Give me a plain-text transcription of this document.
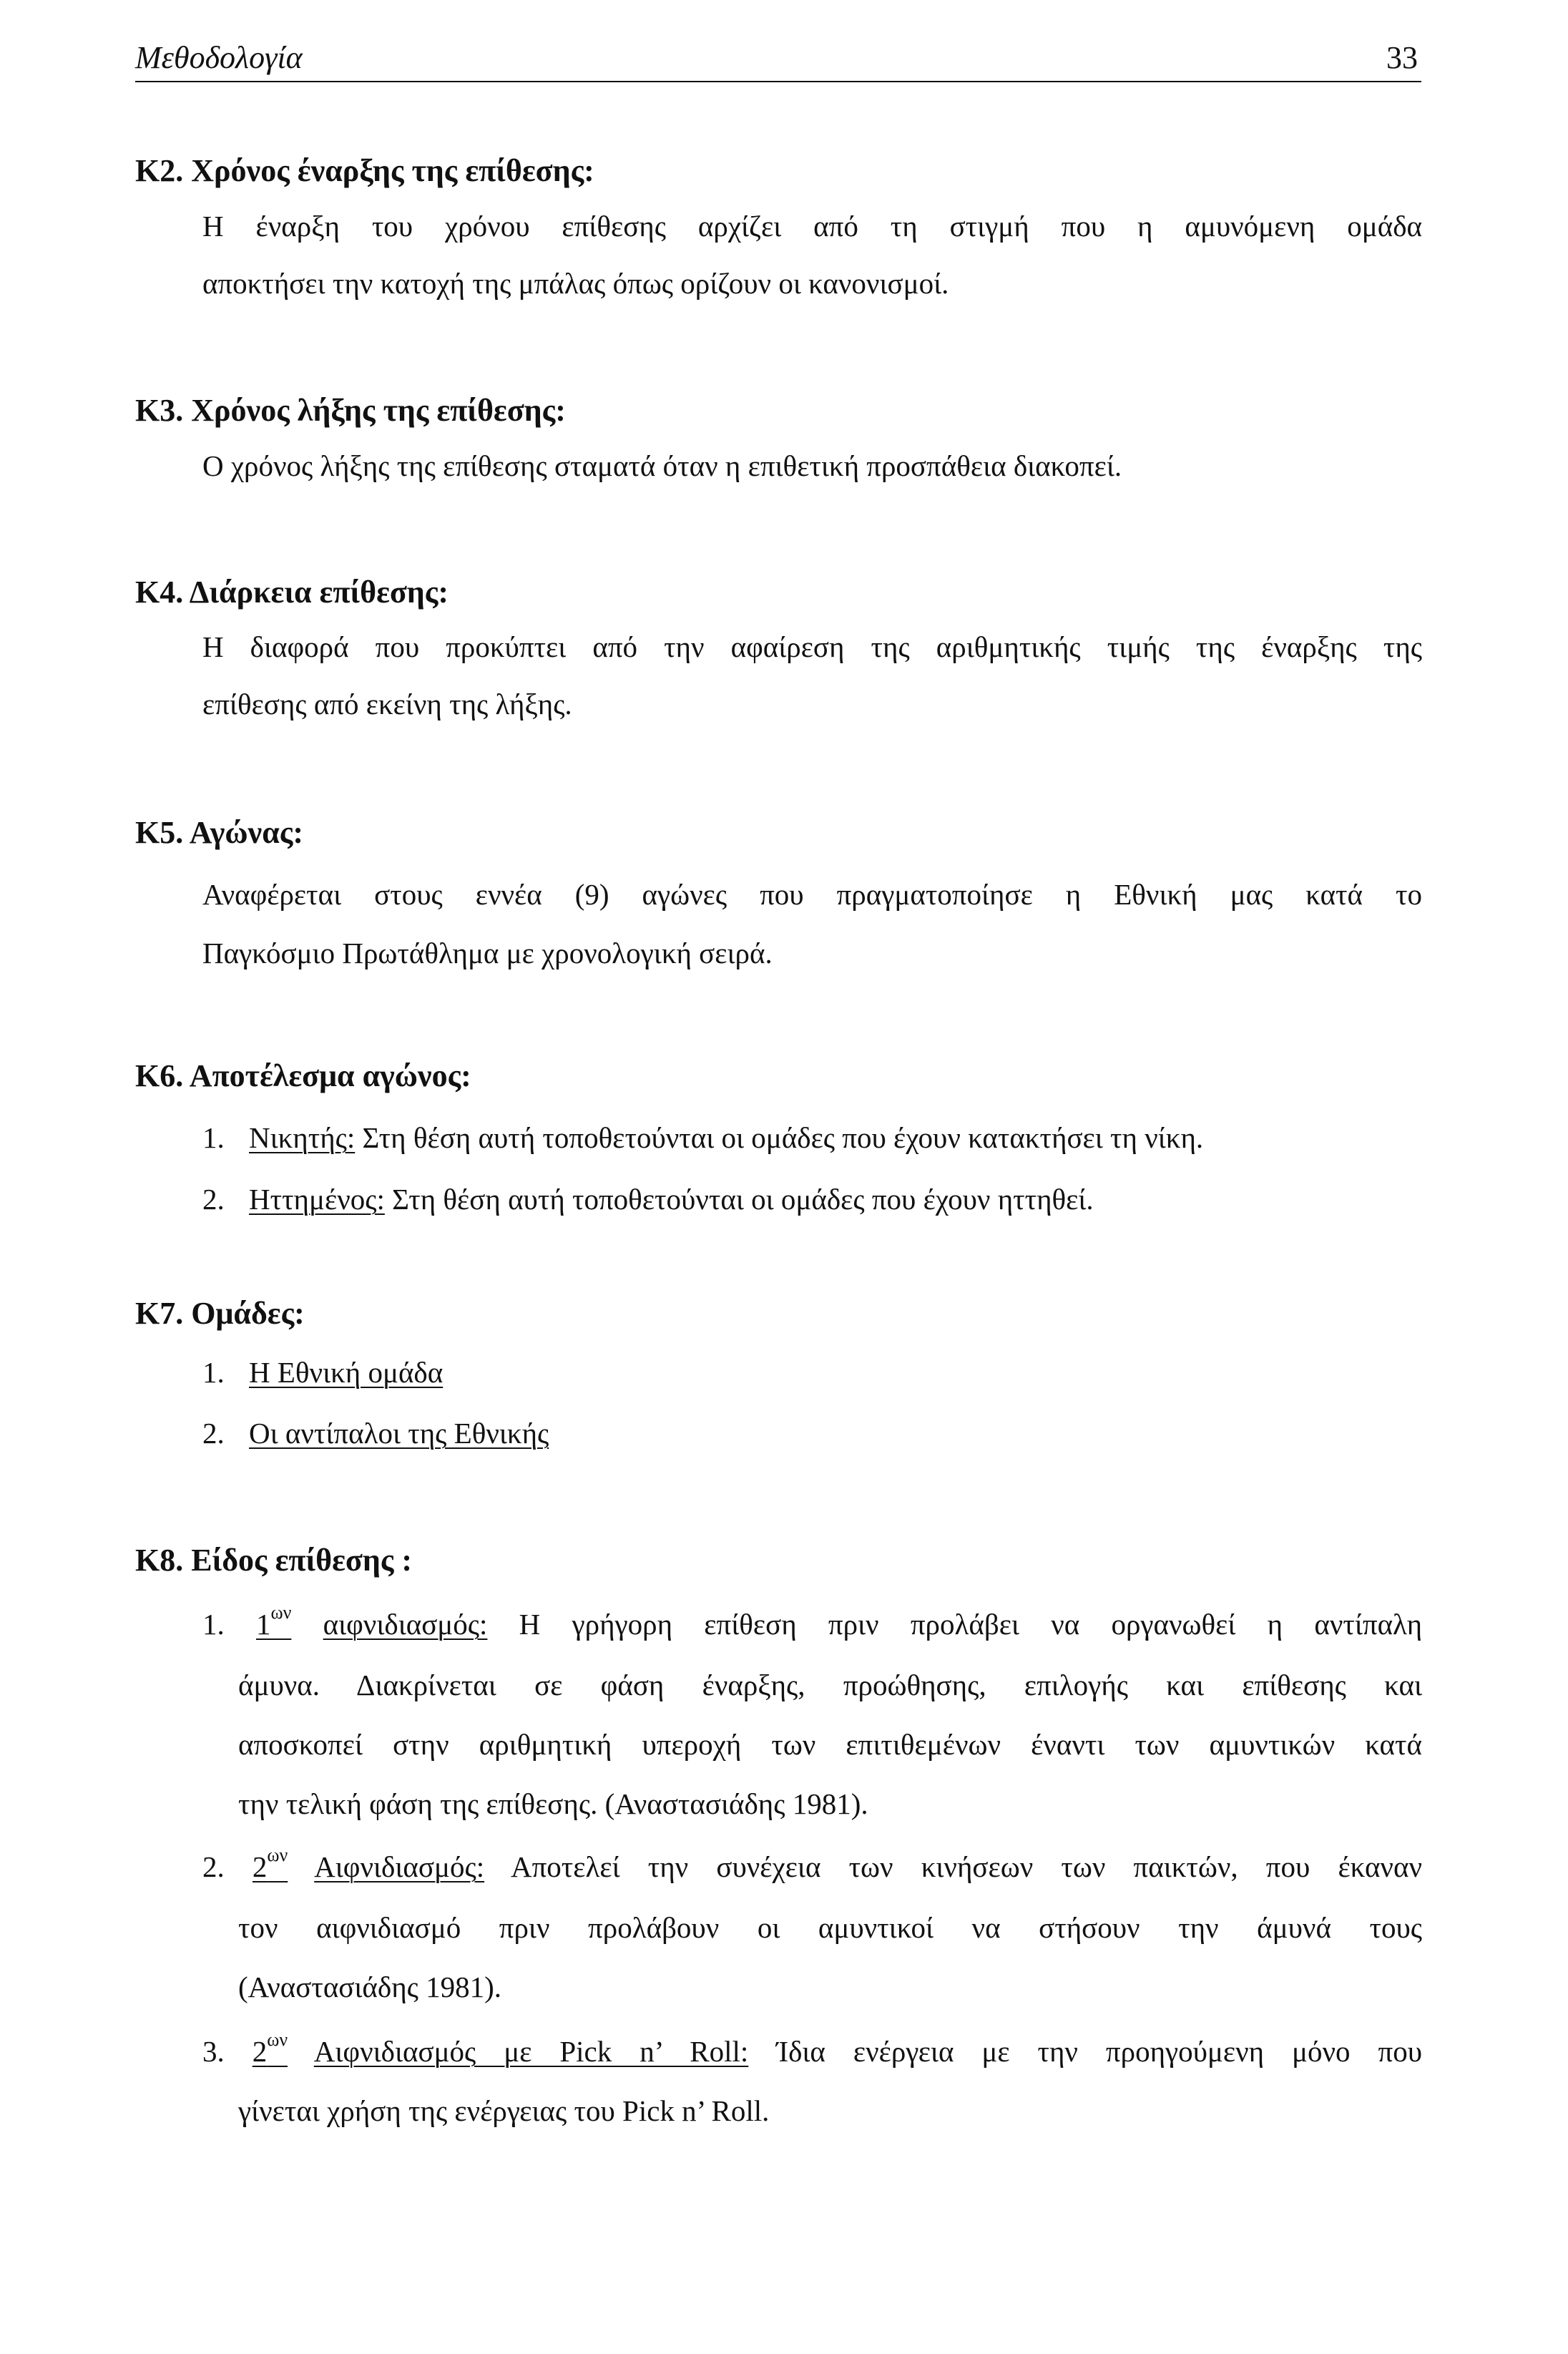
Μεθοδολογία	33
Κ2. Χρόνος έναρξης της επίθεσης:
Η έναρξη του χρόνου επίθεσης αρχίζει από τη στιγμή που η αμυνόμενη ομάδα
αποκτήσει την κατοχή της μπάλας όπως ορίζουν οι κανονισμοί.
Κ3. Χρόνος λήξης της επίθεσης:
Ο χρόνος λήξης της επίθεσης σταματά όταν η επιθετική προσπάθεια διακοπεί.
Κ4. Διάρκεια επίθεσης:
Η διαφορά που προκύπτει από την αφαίρεση της αριθμητικής τιμής της έναρξης της
επίθεσης από εκείνη της λήξης.
Κ5. Αγώνας:
Αναφέρεται στους εννέα (9) αγώνες που πραγματοποίησε η Εθνική μας κατά το
Παγκόσμιο Πρωτάθλημα με χρονολογική σειρά.
Κ6. Αποτέλεσμα αγώνος:
1. Νικητής: Στη θέση αυτή τοποθετούνται οι ομάδες που έχουν κατακτήσει τη νίκη.
2. Ηττημένος: Στη θέση αυτή τοποθετούνται οι ομάδες που έχουν ηττηθεί.
Κ7. Ομάδες:
1. Η Εθνική ομάδα
2. Οι αντίπαλοι της Εθνικής
Κ8. Είδος επίθεσης :
1. $1^{\omega\nu}$ αιφνιδιασμός: Η γρήγορη επίθεση πριν προλάβει να οργανωθεί η αντίπαλη
άμυνα. Διακρίνεται σε φάση έναρξης, προώθησης, επιλογής και επίθεσης και
αποσκοπεί στην αριθμητική υπεροχή των επιτιθεμένων έναντι των αμυντικών κατά
την τελική φάση της επίθεσης. (Αναστασιάδης 1981).
2. $2^{\omega\nu}$ Αιφνιδιασμός: Αποτελεί την συνέχεια των κινήσεων των παικτών, που έκαναν
τον αιφνιδιασμό πριν προλάβουν οι αμυντικοί να στήσουν την άμυνά τους
(Αναστασιάδης 1981).
3. $2^{\omega\nu}$ Αιφνιδιασμός με Pick n’ Roll: Ίδια ενέργεια με την προηγούμενη μόνο που
γίνεται χρήση της ενέργειας του Pick n’ Roll.
